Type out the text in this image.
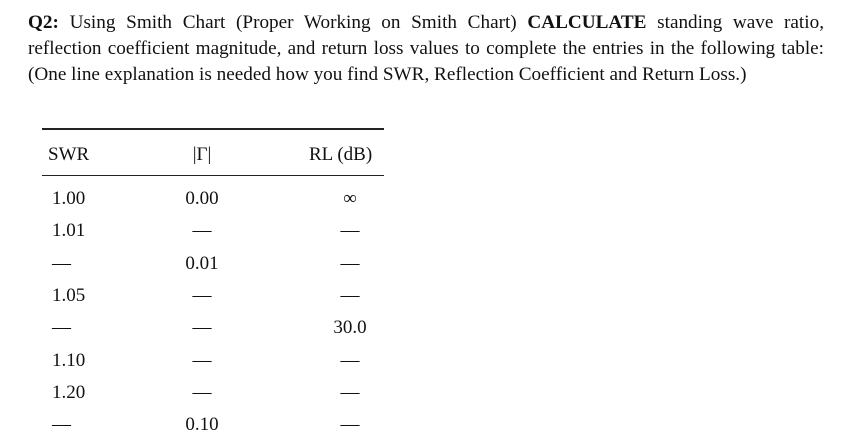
Q2: Using Smith Chart (Proper Working on Smith Chart) CALCULATE standing wave ratio, reflection coefficient magnitude, and return loss values to complete the entries in the following table: (One line explanation is needed how you find SWR, Reflection Coefficient and Return Loss.)
SWR	|Γ|	RL (dB)
1.00	0.00	∞
1.01	—	—
—	0.01	—
1.05	—	—
—	—	30.0
1.10	—	—
1.20	—	—
—	0.10	—
